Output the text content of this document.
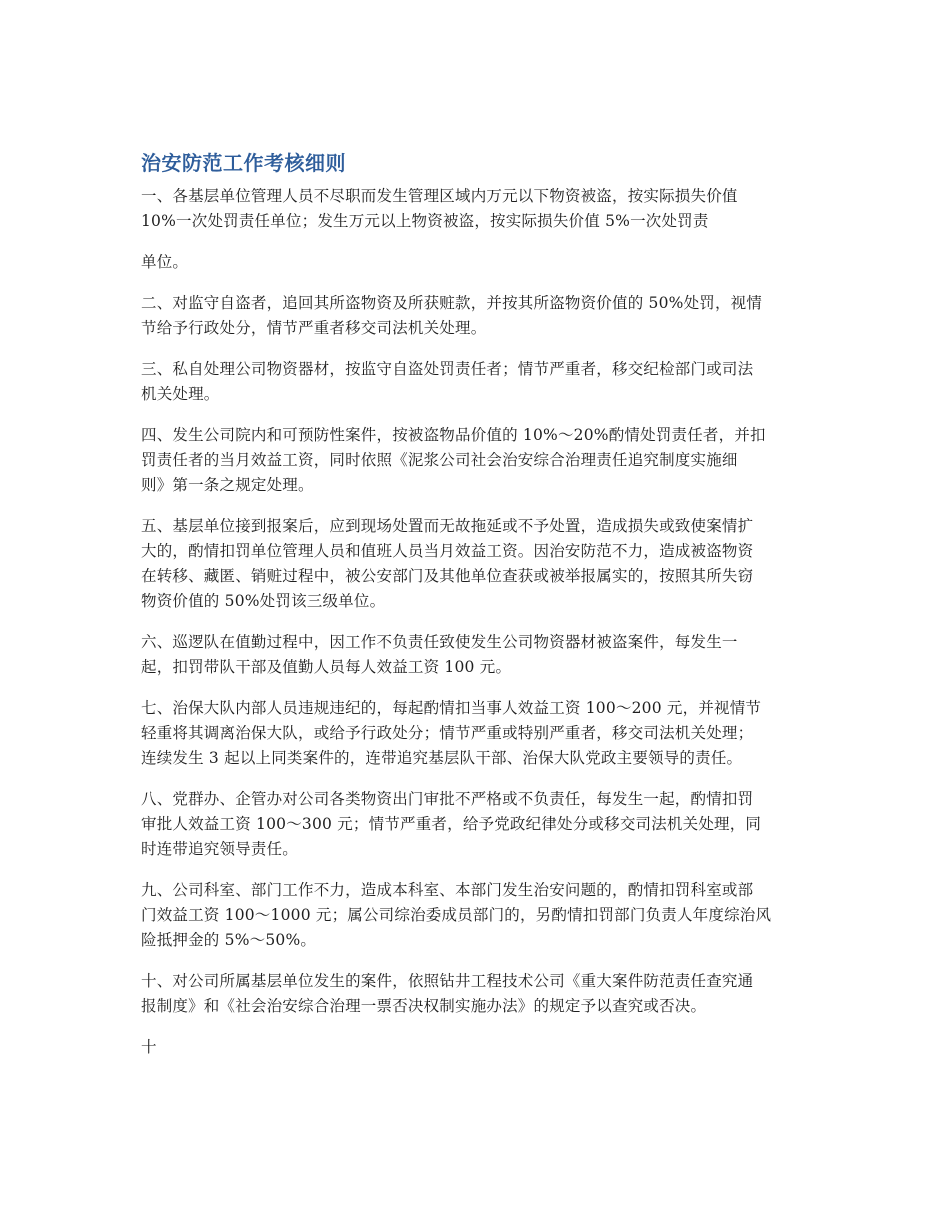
治安防范工作考核细则

一、各基层单位管理人员不尽职而发生管理区域内万元以下物资被盗，按实际损失价值
10%一次处罚责任单位；发生万元以上物资被盗，按实际损失价值 5%一次处罚责

单位。

二、对监守自盗者，追回其所盗物资及所获赃款，并按其所盗物资价值的 50%处罚，视情
节给予行政处分，情节严重者移交司法机关处理。

三、私自处理公司物资器材，按监守自盗处罚责任者；情节严重者，移交纪检部门或司法
机关处理。

四、发生公司院内和可预防性案件，按被盗物品价值的 10%～20%酌情处罚责任者，并扣
罚责任者的当月效益工资，同时依照《泥浆公司社会治安综合治理责任追究制度实施细
则》第一条之规定处理。

五、基层单位接到报案后，应到现场处置而无故拖延或不予处置，造成损失或致使案情扩
大的，酌情扣罚单位管理人员和值班人员当月效益工资。因治安防范不力，造成被盗物资
在转移、藏匿、销赃过程中，被公安部门及其他单位查获或被举报属实的，按照其所失窃
物资价值的 50%处罚该三级单位。

六、巡逻队在值勤过程中，因工作不负责任致使发生公司物资器材被盗案件，每发生一
起，扣罚带队干部及值勤人员每人效益工资 100 元。

七、治保大队内部人员违规违纪的，每起酌情扣当事人效益工资 100～200 元，并视情节
轻重将其调离治保大队，或给予行政处分；情节严重或特别严重者，移交司法机关处理；
连续发生 3 起以上同类案件的，连带追究基层队干部、治保大队党政主要领导的责任。

八、党群办、企管办对公司各类物资出门审批不严格或不负责任，每发生一起，酌情扣罚
审批人效益工资 100～300 元；情节严重者，给予党政纪律处分或移交司法机关处理，同
时连带追究领导责任。

九、公司科室、部门工作不力，造成本科室、本部门发生治安问题的，酌情扣罚科室或部
门效益工资 100～1000 元；属公司综治委成员部门的，另酌情扣罚部门负责人年度综治风
险抵押金的 5%～50%。

十、对公司所属基层单位发生的案件，依照钻井工程技术公司《重大案件防范责任查究通
报制度》和《社会治安综合治理一票否决权制实施办法》的规定予以查究或否决。

十
